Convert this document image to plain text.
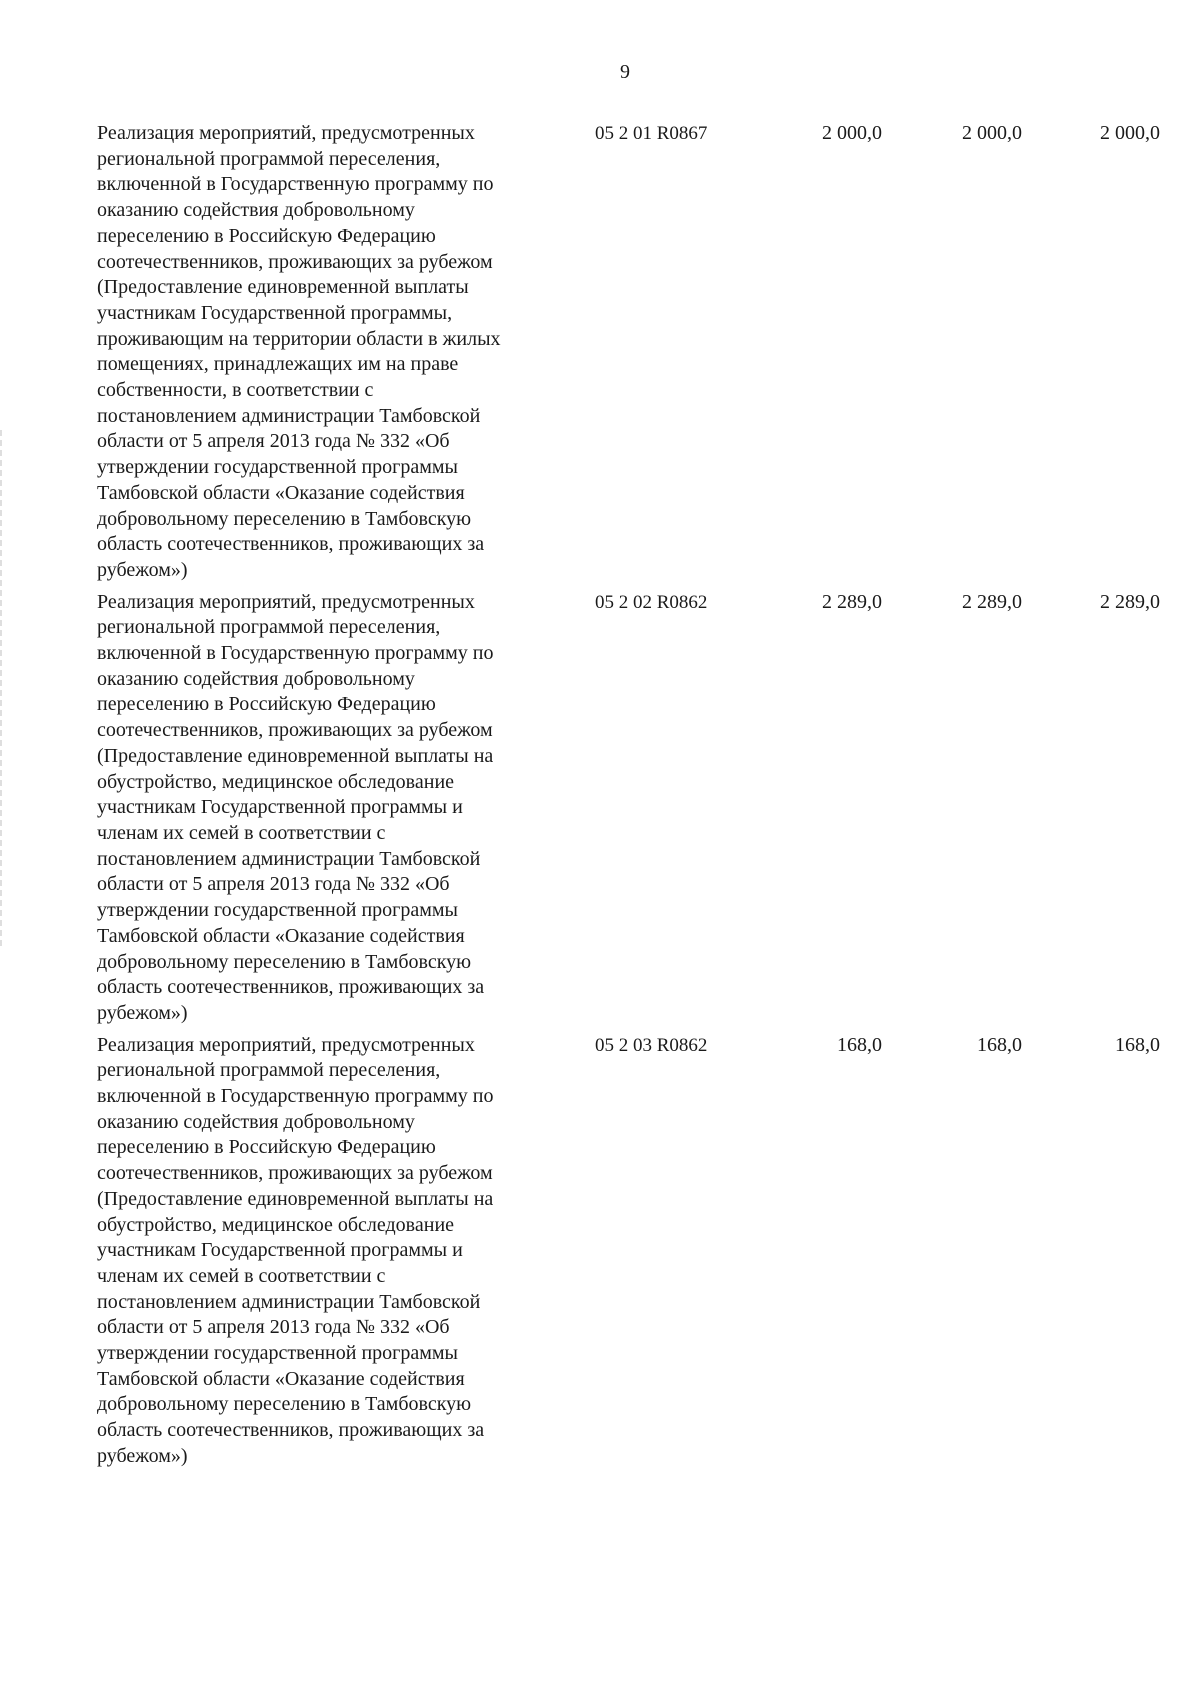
9
Реализация мероприятий, предусмотренных
региональной программой переселения,
включенной в Государственную программу по
оказанию содействия добровольному
переселению в Российскую Федерацию
соотечественников, проживающих за рубежом
(Предоставление единовременной выплаты
участникам Государственной программы,
проживающим на территории области в жилых
помещениях, принадлежащих им на праве
собственности, в соответствии с
постановлением администрации Тамбовской
области от 5 апреля 2013 года № 332 «Об
утверждении государственной программы
Тамбовской области «Оказание содействия
добровольному переселению в Тамбовскую
область соотечественников, проживающих за
рубежом»)
05 2 01 R0867	2 000,0	2 000,0	2 000,0
Реализация мероприятий, предусмотренных
региональной программой переселения,
включенной в Государственную программу по
оказанию содействия добровольному
переселению в Российскую Федерацию
соотечественников, проживающих за рубежом
(Предоставление единовременной выплаты на
обустройство, медицинское обследование
участникам Государственной программы и
членам их семей в соответствии с
постановлением администрации Тамбовской
области от 5 апреля 2013 года № 332 «Об
утверждении государственной программы
Тамбовской области «Оказание содействия
добровольному переселению в Тамбовскую
область соотечественников, проживающих за
рубежом»)
05 2 02 R0862	2 289,0	2 289,0	2 289,0
Реализация мероприятий, предусмотренных
региональной программой переселения,
включенной в Государственную программу по
оказанию содействия добровольному
переселению в Российскую Федерацию
соотечественников, проживающих за рубежом
(Предоставление единовременной выплаты на
обустройство, медицинское обследование
участникам Государственной программы и
членам их семей в соответствии с
постановлением администрации Тамбовской
области от 5 апреля 2013 года № 332 «Об
утверждении государственной программы
Тамбовской области «Оказание содействия
добровольному переселению в Тамбовскую
область соотечественников, проживающих за
рубежом»)
05 2 03 R0862	168,0	168,0	168,0
